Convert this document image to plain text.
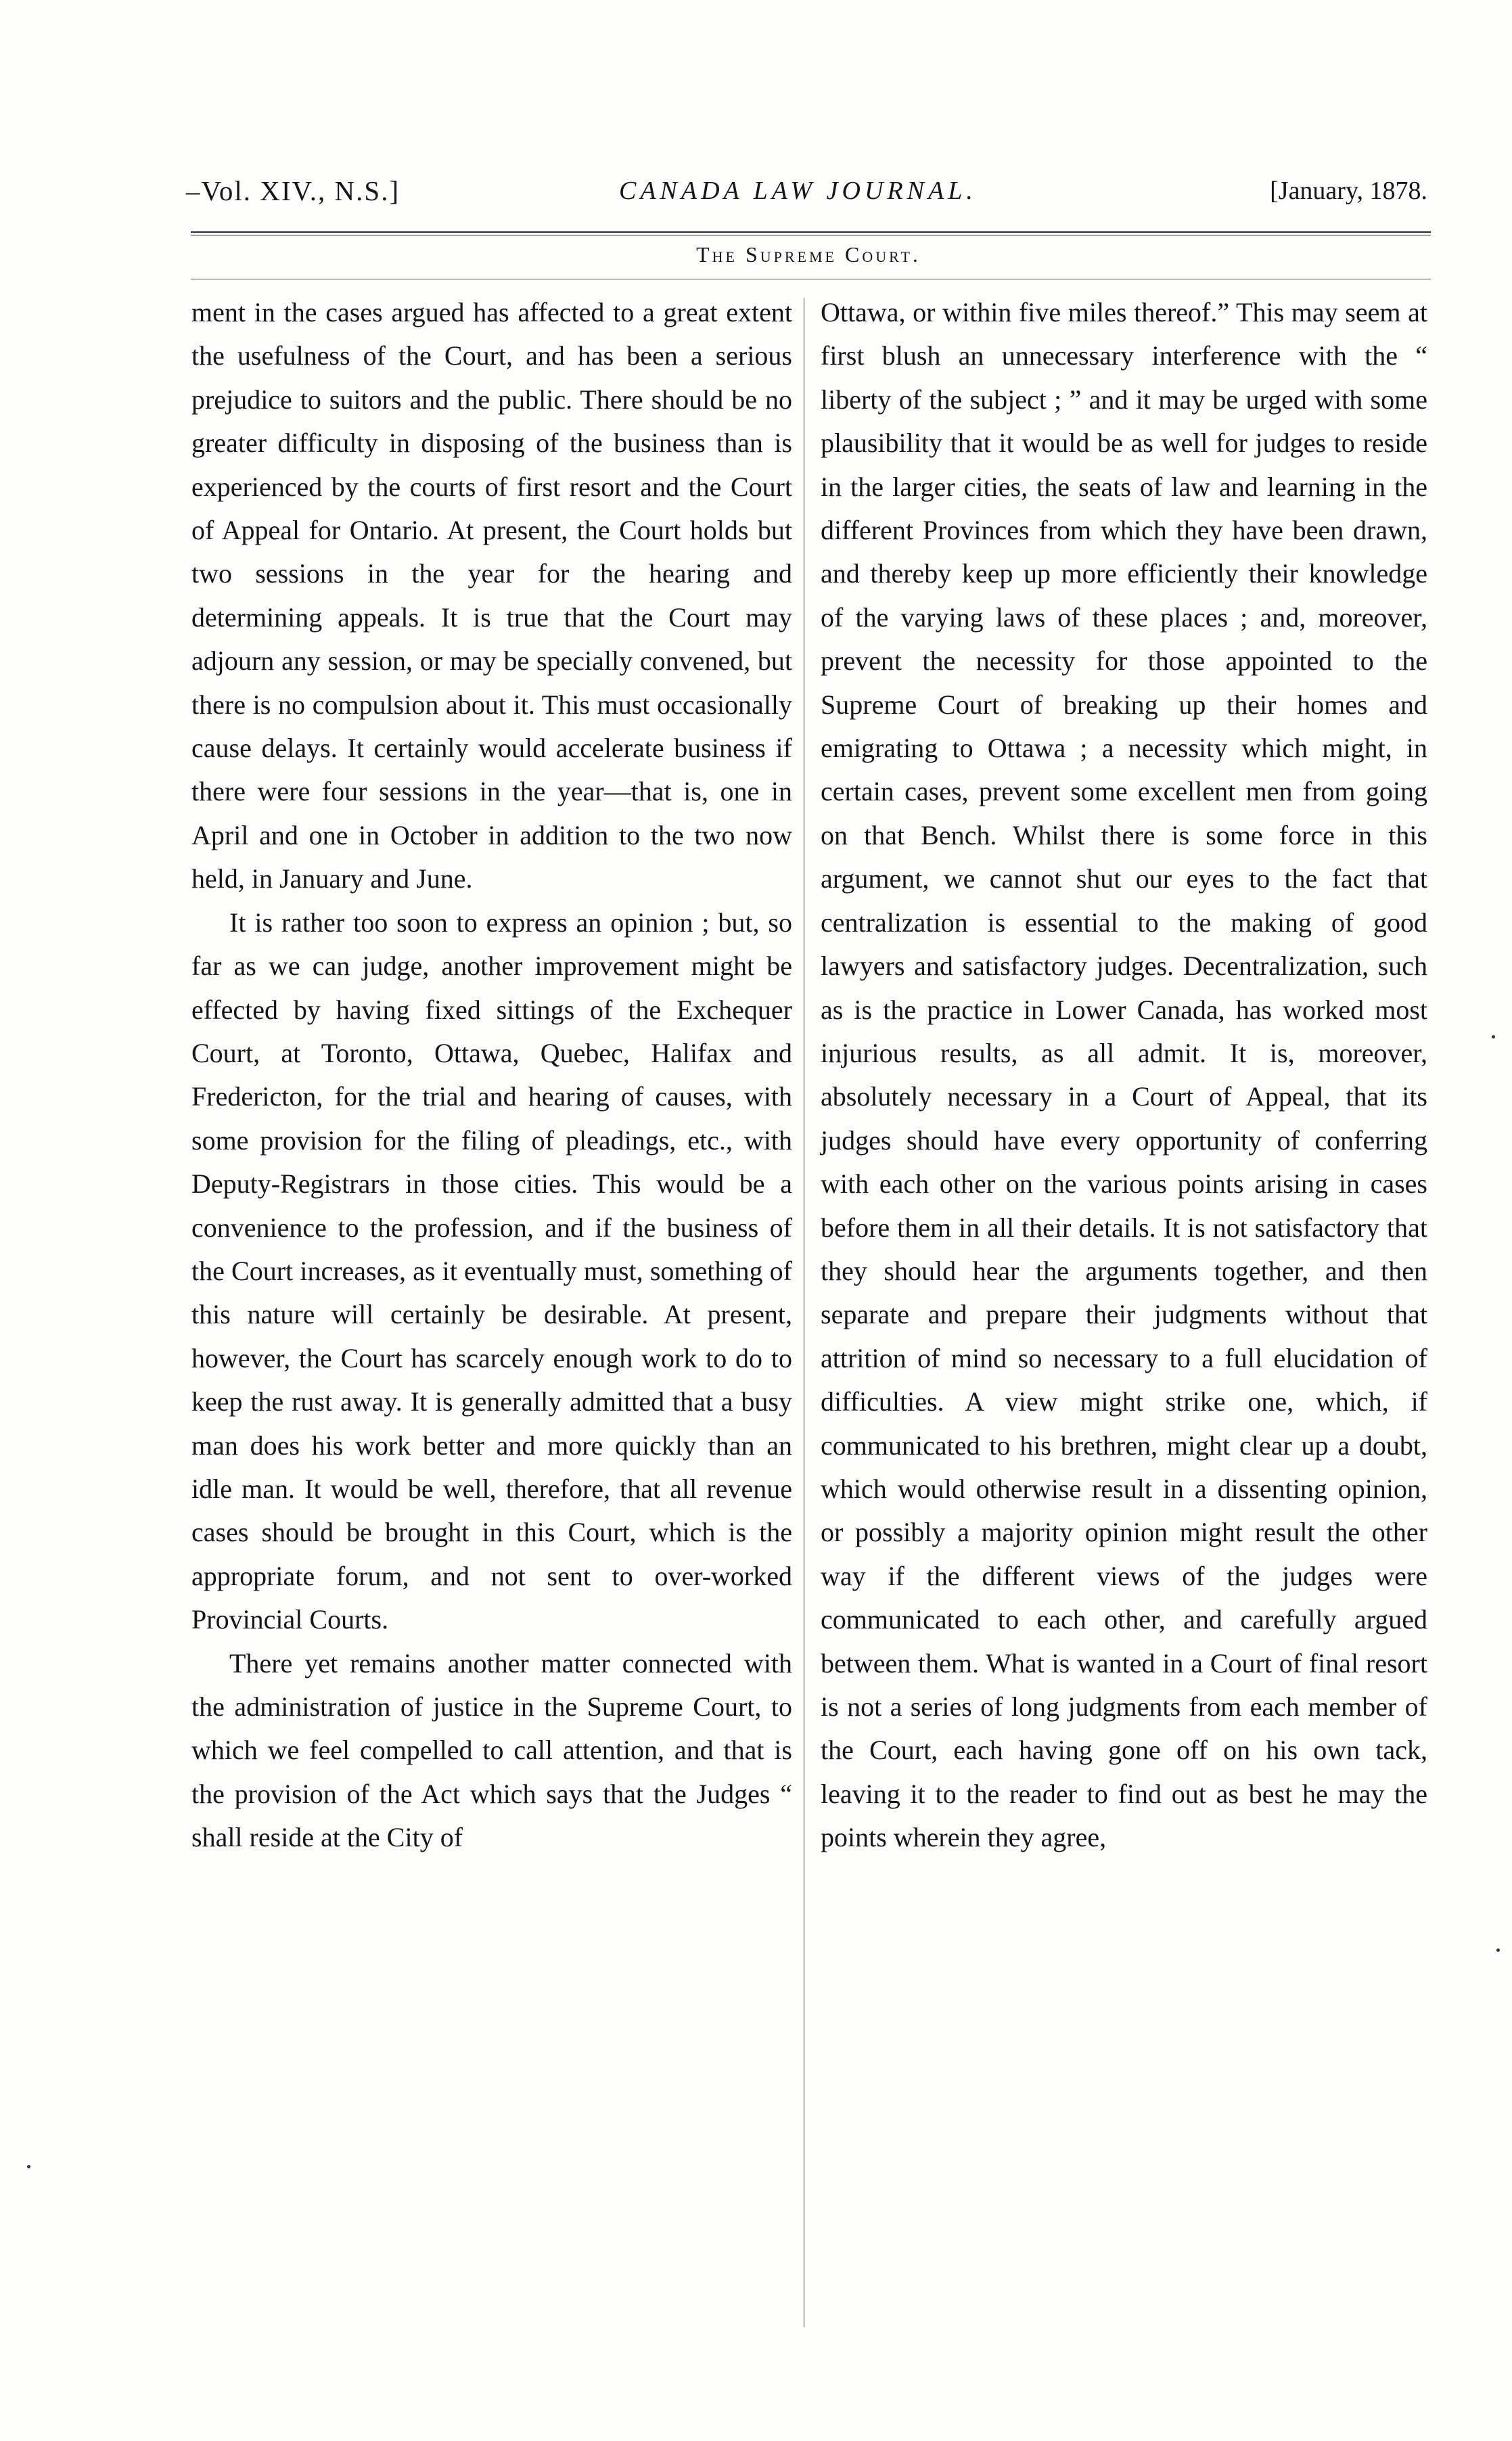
–Vol. XIV., N.S.]	CANADA LAW JOURNAL.	[January, 1878.
The Supreme Court.

ment in the cases argued has affected to a great extent the usefulness of the Court, and has been a serious prejudice to suitors and the public. There should be no greater difficulty in disposing of the business than is experienced by the courts of first resort and the Court of Appeal for Ontario. At present, the Court holds but two sessions in the year for the hearing and determining appeals. It is true that the Court may adjourn any session, or may be specially convened, but there is no compulsion about it. This must occasionally cause delays. It certainly would accelerate business if there were four sessions in the year—that is, one in April and one in October in addition to the two now held, in January and June.

It is rather too soon to express an opinion ; but, so far as we can judge, another improvement might be effected by having fixed sittings of the Exchequer Court, at Toronto, Ottawa, Quebec, Halifax and Fredericton, for the trial and hearing of causes, with some provision for the filing of pleadings, etc., with Deputy-Registrars in those cities. This would be a convenience to the profession, and if the business of the Court increases, as it eventually must, something of this nature will certainly be desirable. At present, however, the Court has scarcely enough work to do to keep the rust away. It is generally admitted that a busy man does his work better and more quickly than an idle man. It would be well, therefore, that all revenue cases should be brought in this Court, which is the appropriate forum, and not sent to over-worked Provincial Courts.

There yet remains another matter connected with the administration of justice in the Supreme Court, to which we feel compelled to call attention, and that is the provision of the Act which says that the Judges “ shall reside at the City of

Ottawa, or within five miles thereof.” This may seem at first blush an unnecessary interference with the “ liberty of the subject ; ” and it may be urged with some plausibility that it would be as well for judges to reside in the larger cities, the seats of law and learning in the different Provinces from which they have been drawn, and thereby keep up more efficiently their knowledge of the varying laws of these places ; and, moreover, prevent the necessity for those appointed to the Supreme Court of breaking up their homes and emigrating to Ottawa ; a necessity which might, in certain cases, prevent some excellent men from going on that Bench. Whilst there is some force in this argument, we cannot shut our eyes to the fact that centralization is essential to the making of good lawyers and satisfactory judges. Decentralization, such as is the practice in Lower Canada, has worked most injurious results, as all admit. It is, moreover, absolutely necessary in a Court of Appeal, that its judges should have every opportunity of conferring with each other on the various points arising in cases before them in all their details. It is not satisfactory that they should hear the arguments together, and then separate and prepare their judgments without that attrition of mind so necessary to a full elucidation of difficulties. A view might strike one, which, if communicated to his brethren, might clear up a doubt, which would otherwise result in a dissenting opinion, or possibly a majority opinion might result the other way if the different views of the judges were communicated to each other, and carefully argued between them. What is wanted in a Court of final resort is not a series of long judgments from each member of the Court, each having gone off on his own tack, leaving it to the reader to find out as best he may the points wherein they agree,
